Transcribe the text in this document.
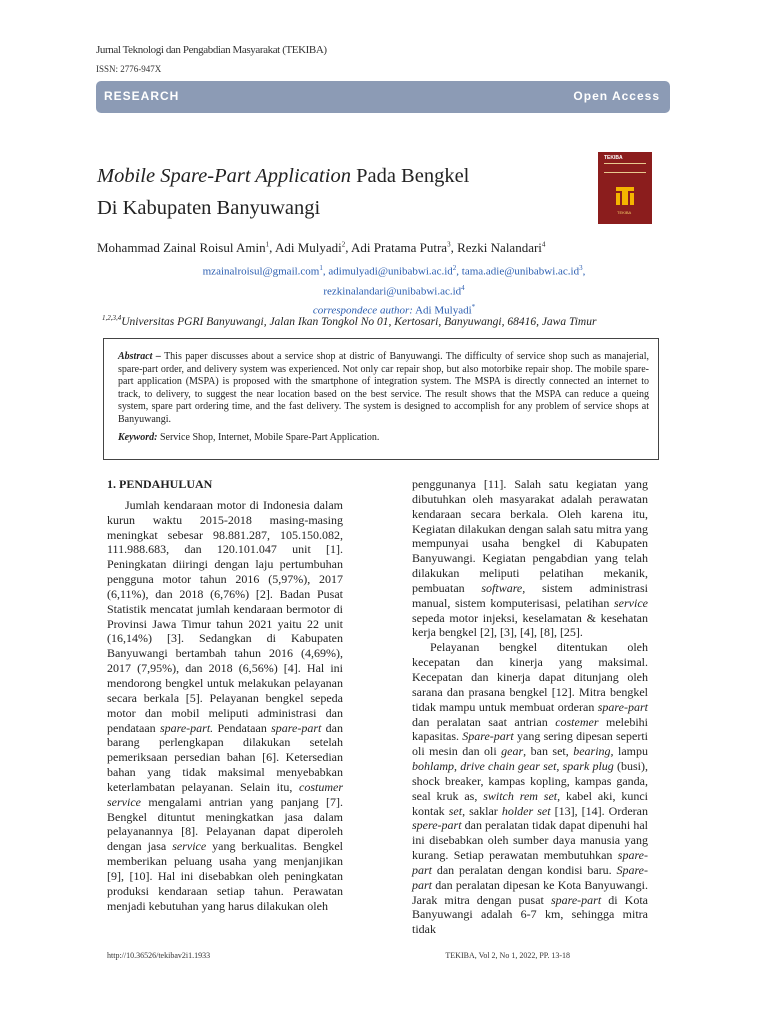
Jurnal Teknologi dan Pengabdian Masyarakat (TEKIBA)
ISSN: 2776-947X
RESEARCH	Open Access
Mobile Spare-Part Application Pada Bengkel
Di Kabupaten Banyuwangi
TEKIBA
TEKIBA
Mohammad Zainal Roisul Amin$^1$, Adi Mulyadi$^2$, Adi Pratama Putra$^3$, Rezki Nalandari$^4$
mzainalroisul@gmail.com$^1$, $adimulyadi@unibabwi.ac.id^2$, $tama.adie@unibabwi.ac.id^3$,
$rezkinalandari@unibabwi.ac.id^4$
correspondece author: Adi Mulyadi*
$^{1,2,3,4}$Universitas PGRI Banyuwangi, Jalan Ikan Tongkol No 01, Kertosari, Banyuwangi, 68416, Jawa Timur
Abstract – This paper discusses about a service shop at distric of Banyuwangi. The difficulty of service shop such as manajerial, spare-part order, and delivery system was experienced. Not only car repair shop, but also motorbike repair shop. The mobile spare-part application (MSPA) is proposed with the smartphone of integration system. The MSPA is directly connected an internet to track, to delivery, to suggest the near location based on the best service. The result shows that the MSPA can reduce a queing system, spare part ordering time, and the fast delivery. The system is designed to accomplish for any problem of service shops at Banyuwangi.
Keyword: Service Shop, Internet, Mobile Spare-Part Application.
1. PENDAHULUAN

Jumlah kendaraan motor di Indonesia dalam kurun waktu 2015-2018 masing-masing meningkat sebesar 98.881.287, 105.150.082, 111.988.683, dan 120.101.047 unit [1]. Peningkatan diiringi dengan laju pertumbuhan pengguna motor tahun 2016 (5,97%), 2017 (6,11%), dan 2018 (6,76%) [2]. Badan Pusat Statistik mencatat jumlah kendaraan bermotor di Provinsi Jawa Timur tahun 2021 yaitu 22 unit (16,14%) [3]. Sedangkan di Kabupaten Banyuwangi bertambah tahun 2016 (4,69%), 2017 (7,95%), dan 2018 (6,56%) [4]. Hal ini mendorong bengkel untuk melakukan pelayanan secara berkala [5]. Pelayanan bengkel sepeda motor dan mobil meliputi administrasi dan pendataan spare-part. Pendataan spare-part dan barang perlengkapan dilakukan setelah pemeriksaan persedian bahan [6]. Ketersedian bahan yang tidak maksimal menyebabkan keterlambatan pelayanan. Selain itu, costumer service mengalami antrian yang panjang [7]. Bengkel dituntut meningkatkan jasa dalam pelayanannya [8]. Pelayanan dapat diperoleh dengan jasa service yang berkualitas. Bengkel memberikan peluang usaha yang menjanjikan [9], [10]. Hal ini disebabkan oleh peningkatan produksi kendaraan setiap tahun. Perawatan menjadi kebutuhan yang harus dilakukan oleh

penggunanya [11]. Salah satu kegiatan yang dibutuhkan oleh masyarakat adalah perawatan kendaraan secara berkala. Oleh karena itu, Kegiatan dilakukan dengan salah satu mitra yang mempunyai usaha bengkel di Kabupaten Banyuwangi. Kegiatan pengabdian yang telah dilakukan meliputi pelatihan mekanik, pembuatan software, sistem administrasi manual, sistem komputerisasi, pelatihan service sepeda motor injeksi, keselamatan & kesehatan kerja bengkel [2], [3], [4], [8], [25].

Pelayanan bengkel ditentukan oleh kecepatan dan kinerja yang maksimal. Kecepatan dan kinerja dapat ditunjang oleh sarana dan prasana bengkel [12]. Mitra bengkel tidak mampu untuk membuat orderan spare-part dan peralatan saat antrian costemer melebihi kapasitas. Spare-part yang sering dipesan seperti oli mesin dan oli gear, ban set, bearing, lampu bohlamp, drive chain gear set, spark plug (busi), shock breaker, kampas kopling, kampas ganda, seal kruk as, switch rem set, kabel aki, kunci kontak set, saklar holder set [13], [14]. Orderan spere-part dan peralatan tidak dapat dipenuhi hal ini disebabkan oleh sumber daya manusia yang kurang. Setiap perawatan membutuhkan spare-part dan peralatan dengan kondisi baru. Spare-part dan peralatan dipesan ke Kota Banyuwangi. Jarak mitra dengan pusat spare-part di Kota Banyuwangi adalah 6-7 km, sehingga mitra tidak

http://10.36526/tekibav2i1.1933	TEKIBA, Vol 2, No 1, 2022, PP. 13-18
